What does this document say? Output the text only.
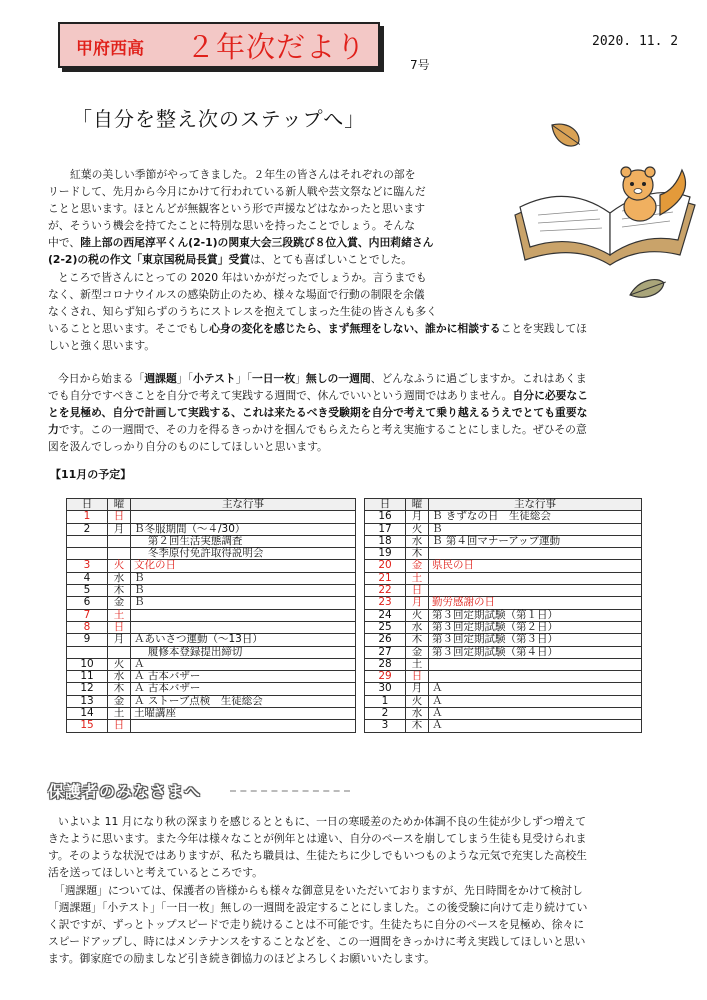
甲府西高 ２年次だより	2020. 11. 2
7号
「自分を整え次のステップへ」
紅葉の美しい季節がやってきました。２年生の皆さんはそれぞれの部を
リードして、先月から今月にかけて行われている新人戦や芸文祭などに臨んだ
ことと思います。ほとんどが無観客という形で声援などはなかったと思います
が、そういう機会を持てたことに特別な思いを持ったことでしょう。そんな
中で、陸上部の西尾淳平くん(2-1)の関東大会三段跳び８位入賞、内田莉緒さん
(2-2)の税の作文「東京国税局長賞」受賞は、とても喜ばしいことでした。
ところで皆さんにとっての 2020 年はいかがだったでしょうか。言うまでも
なく、新型コロナウイルスの感染防止のため、様々な場面で行動の制限を余儀
なくされ、知らず知らずのうちにストレスを抱えてしまった生徒の皆さんも多く
いることと思います。そこでもし心身の変化を感じたら、まず無理をしない、誰かに相談することを実践してほ
しいと強く思います。
今日から始まる「週課題」「小テスト」「一日一枚」無しの一週間、どんなふうに過ごしますか。これはあくま
でも自分ですべきことを自分で考えて実践する週間で、休んでいいという週間ではありません。自分に必要なこ
とを見極め、自分で計画して実践する、これは来たるべき受験期を自分で考えて乗り越えるうえでとても重要な
力です。この一週間で、その力を得るきっかけを掴んでもらえたらと考え実施することにしました。ぜひその意
図を汲んでしっかり自分のものにしてほしいと思います。
【11月の予定】
日	曜	主な行事
1	日	
2	月	Ｂ冬服期間（～４/30）
		　 第２回生活実態調査
		　 冬季原付免許取得説明会
3	火	文化の日
4	水	Ｂ
5	木	Ｂ
6	金	Ｂ
7	土	
8	日	
9	月	Ａあいさつ運動（～13日）
		　 履修本登録提出締切
10	火	Ａ
11	水	Ａ 古本バザー
12	木	Ａ 古本バザー
13	金	Ａ ストーブ点検　生徒総会
14	土	土曜講座
15	日	
日	曜	主な行事
16	月	Ｂ きずなの日　生徒総会
17	火	Ｂ
18	水	Ｂ 第４回マナーアップ運動
19	木	
20	金	県民の日
21	土	
22	日	
23	月	勤労感謝の日
24	火	第３回定期試験（第１日）
25	水	第３回定期試験（第２日）
26	木	第３回定期試験（第３日）
27	金	第３回定期試験（第４日）
28	土	
29	日	
30	月	Ａ
1	火	Ａ
2	水	Ａ
3	木	Ａ
保護者のみなさまへ
いよいよ 11 月になり秋の深まりを感じるとともに、一日の寒暖差のためか体調不良の生徒が少しずつ増えて
きたように思います。また今年は様々なことが例年とは違い、自分のペースを崩してしまう生徒も見受けられま
す。そのような状況ではありますが、私たち職員は、生徒たちに少しでもいつものような元気で充実した高校生
活を送ってほしいと考えているところです。
「週課題」については、保護者の皆様からも様々な御意見をいただいておりますが、先日時間をかけて検討し
「週課題」「小テスト」「一日一枚」無しの一週間を設定することにしました。この後受験に向けて走り続けてい
く訳ですが、ずっとトップスピードで走り続けることは不可能です。生徒たちに自分のペースを見極め、徐々に
スピードアップし、時にはメンテナンスをすることなどを、この一週間をきっかけに考え実践してほしいと思い
ます。御家庭での励ましなど引き続き御協力のほどよろしくお願いいたします。
